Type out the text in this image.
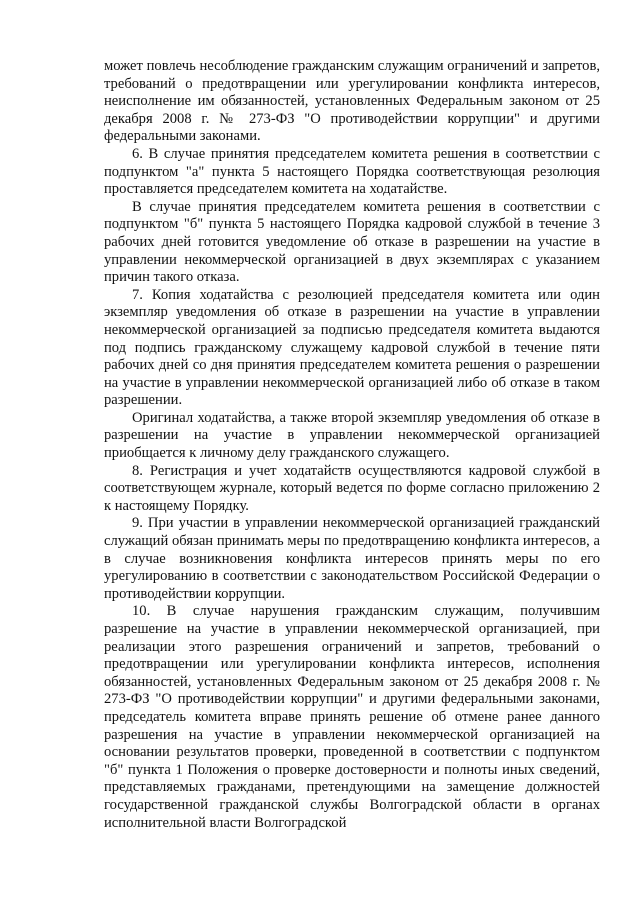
может повлечь несоблюдение гражданским служащим ограничений и запретов, требований о предотвращении или урегулировании конфликта интересов, неисполнение им обязанностей, установленных Федеральным законом от 25 декабря 2008 г. № 273-ФЗ "О противодействии коррупции" и другими федеральными законами.

6. В случае принятия председателем комитета решения в соответствии с подпунктом "а" пункта 5 настоящего Порядка соответствующая резолюция проставляется председателем комитета на ходатайстве.

В случае принятия председателем комитета решения в соответствии с подпунктом "б" пункта 5 настоящего Порядка кадровой службой в течение 3 рабочих дней готовится уведомление об отказе в разрешении на участие в управлении некоммерческой организацией в двух экземплярах с указанием причин такого отказа.

7. Копия ходатайства с резолюцией председателя комитета или один экземпляр уведомления об отказе в разрешении на участие в управлении некоммерческой организацией за подписью председателя комитета выдаются под подпись гражданскому служащему кадровой службой в течение пяти рабочих дней со дня принятия председателем комитета решения о разрешении на участие в управлении некоммерческой организацией либо об отказе в таком разрешении.

Оригинал ходатайства, а также второй экземпляр уведомления об отказе в разрешении на участие в управлении некоммерческой организацией приобщается к личному делу гражданского служащего.

8. Регистрация и учет ходатайств осуществляются кадровой службой в соответствующем журнале, который ведется по форме согласно приложению 2 к настоящему Порядку.

9. При участии в управлении некоммерческой организацией гражданский служащий обязан принимать меры по предотвращению конфликта интересов, а в случае возникновения конфликта интересов принять меры по его урегулированию в соответствии с законодательством Российской Федерации о противодействии коррупции.

10. В случае нарушения гражданским служащим, получившим разрешение на участие в управлении некоммерческой организацией, при реализации этого разрешения ограничений и запретов, требований о предотвращении или урегулировании конфликта интересов, исполнения обязанностей, установленных Федеральным законом от 25 декабря 2008 г. № 273-ФЗ "О противодействии коррупции" и другими федеральными законами, председатель комитета вправе принять решение об отмене ранее данного разрешения на участие в управлении некоммерческой организацией на основании результатов проверки, проведенной в соответствии с подпунктом "б" пункта 1 Положения о проверке достоверности и полноты иных сведений, представляемых гражданами, претендующими на замещение должностей государственной гражданской службы Волгоградской области в органах исполнительной власти Волгоградской
